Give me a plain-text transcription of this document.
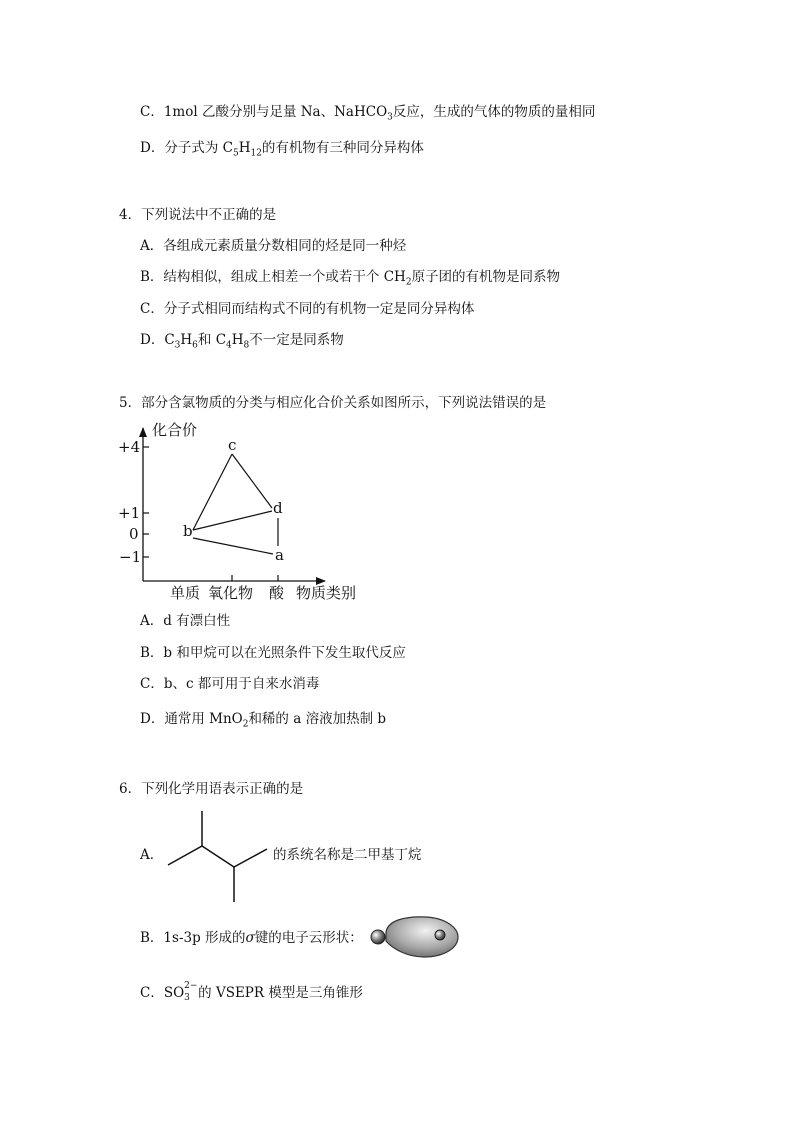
C．1mol 乙酸分别与足量 Na、NaHCO$_3$反应，生成的气体的物质的量相同
D．分子式为 $C_5H_{12}$的有机物有三种同分异构体
4．下列说法中不正确的是
A．各组成元素质量分数相同的烃是同一种烃
B．结构相似，组成上相差一个或若干个 $CH_2$原子团的有机物是同系物
C．分子式相同而结构式不同的有机物一定是同分异构体
D．$C_3H_6$和 $C_4H_8$不一定是同系物
5．部分含氯物质的分类与相应化合价关系如图所示，下列说法错误的是
化合价
+4
+1
0
−1
b
c
d
a
单质 氧化物 酸 物质类别
A．d 有漂白性
B．b 和甲烷可以在光照条件下发生取代反应
C．b、c 都可用于自来水消毒
D．通常用 MnO$_2$和稀的 a 溶液加热制 b
6．下列化学用语表示正确的是
A．	的系统名称是二甲基丁烷
B．1s-3p 形成的σ键的电子云形状：
C．SO 2−
3 的 VSEPR 模型是三角锥形
